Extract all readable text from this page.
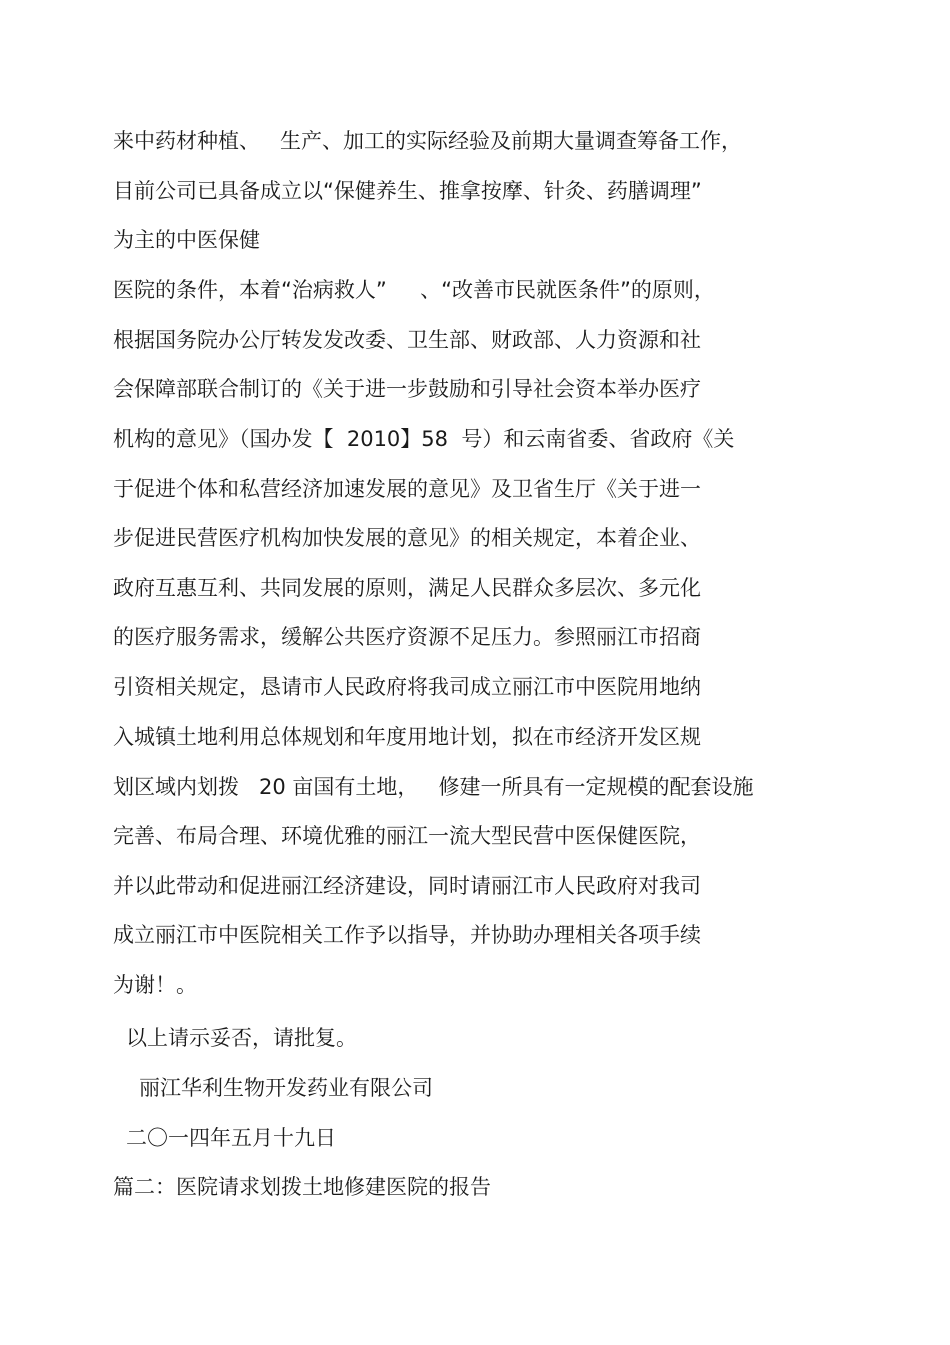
来中药材种植、   生产、加工的实际经验及前期大量调查筹备工作，
目前公司已具备成立以“保健养生、推拿按摩、针灸、药膳调理”
为主的中医保健
医院的条件，本着“治病救人”     、“改善市民就医条件”的原则，
根据国务院办公厅转发发改委、卫生部、财政部、人力资源和社
会保障部联合制订的《关于进一步鼓励和引导社会资本举办医疗
机构的意见》（国办发【  2010】58  号）和云南省委、省政府《关
于促进个体和私营经济加速发展的意见》及卫省生厅《关于进一
步促进民营医疗机构加快发展的意见》的相关规定，本着企业、
政府互惠互利、共同发展的原则，满足人民群众多层次、多元化
的医疗服务需求，缓解公共医疗资源不足压力。参照丽江市招商
引资相关规定，恳请市人民政府将我司成立丽江市中医院用地纳
入城镇土地利用总体规划和年度用地计划，拟在市经济开发区规
划区域内划拨   20 亩国有土地，   修建一所具有一定规模的配套设施
完善、布局合理、环境优雅的丽江一流大型民营中医保健医院，
并以此带动和促进丽江经济建设，同时请丽江市人民政府对我司
成立丽江市中医院相关工作予以指导，并协助办理相关各项手续
为谢！。
以上请示妥否，请批复。
丽江华利生物开发药业有限公司
二〇一四年五月十九日
篇二：医院请求划拨土地修建医院的报告
